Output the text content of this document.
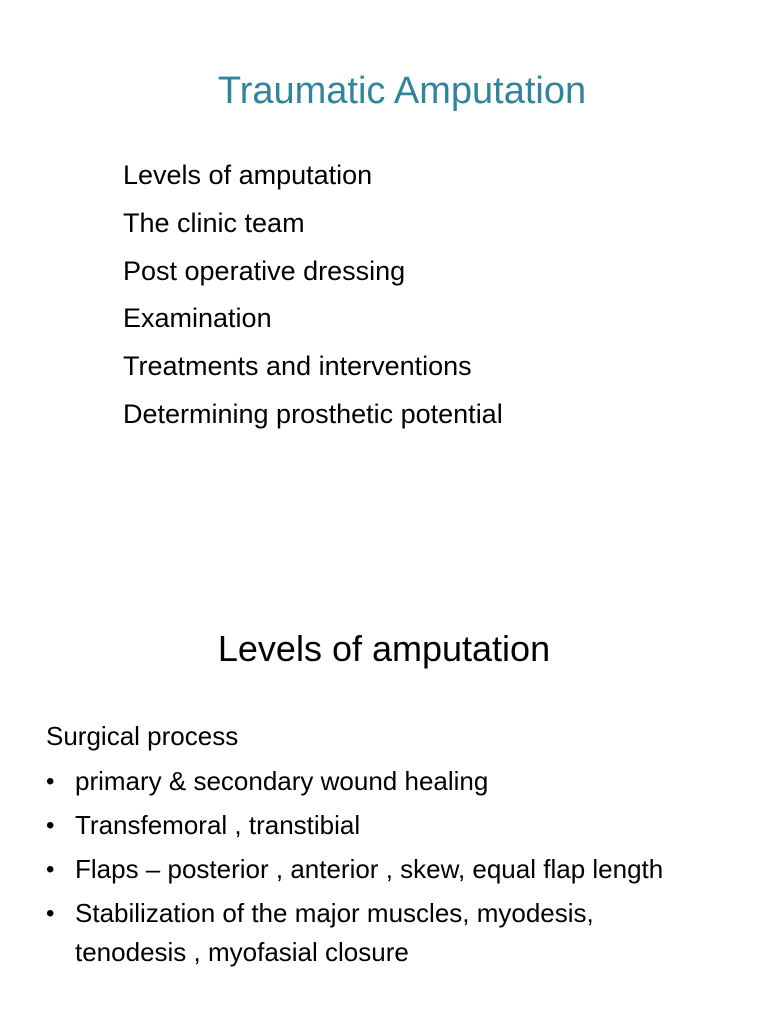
Traumatic Amputation
Levels of amputation
The clinic team
Post operative dressing
Examination
Treatments and interventions
Determining prosthetic potential
Levels of amputation

Surgical process

• primary & secondary wound healing
• Transfemoral , transtibial
• Flaps – posterior , anterior , skew, equal flap length
• Stabilization of the major muscles, myodesis, tenodesis , myofasial closure
